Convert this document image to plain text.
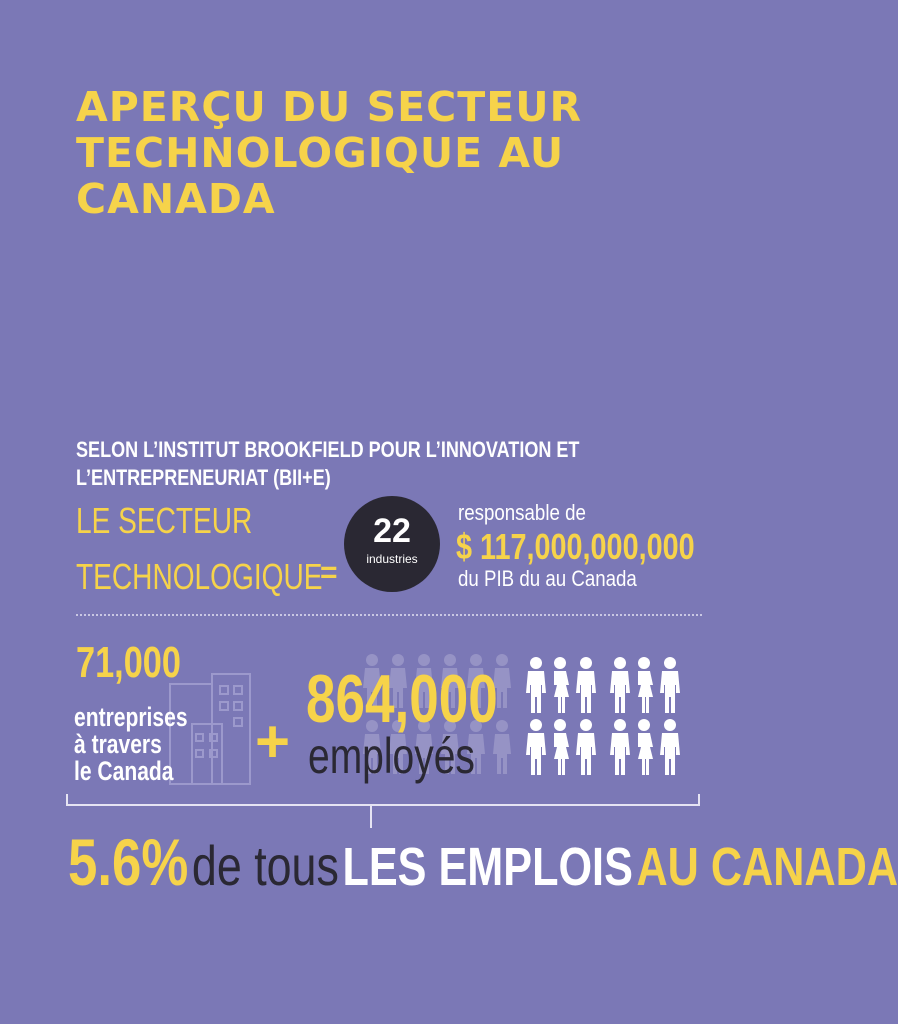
APERÇU DU SECTEUR
TECHNOLOGIQUE AU
CANADA
SELON L’INSTITUT BROOKFIELD POUR L’INNOVATION ET
L’ENTREPRENEURIAT (BII+E)
LE SECTEUR
TECHNOLOGIQUE
=
22
industries
responsable de
$ 117,000,000,000
du PIB du au Canada
71,000
entreprises
à travers
le Canada +
864,000
employés
5.6% de tous LES EMPLOIS AU CANADA
